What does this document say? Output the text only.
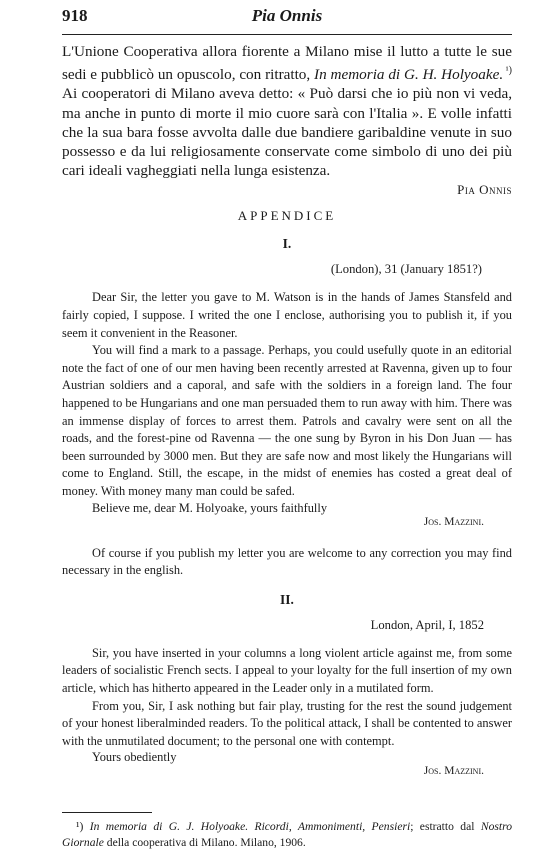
918	Pia Onnis

L'Unione Cooperativa allora fiorente a Milano mise il lutto a tutte le sue sedi e pubblicò un opuscolo, con ritratto, In memoria di G. H. Holyoake. $^{^1)}$ Ai cooperatori di Milano aveva detto: « Può darsi che io più non vi veda, ma anche in punto di morte il mio cuore sarà con l'Italia ». E volle infatti che la sua bara fosse avvolta dalle due bandiere garibaldine venute in suo possesso e da lui religiosamente conservate come simbolo di uno dei più cari ideali vagheggiati nella lunga esistenza.

Pia Onnis

APPENDICE

I.

(London), 31 (January 1851?)

Dear Sir, the letter you gave to M. Watson is in the hands of James Stansfeld and fairly copied, I suppose. I writed the one I enclose, authorising you to publish it, if you seem it convenient in the Reasoner.

You will find a mark to a passage. Perhaps, you could usefully quote in an editorial note the fact of one of our men having been recently arrested at Ravenna, given up to four Austrian soldiers and a caporal, and safe with the soldiers in a foreign land. The four happened to be Hungarians and one man persuaded them to run away with him. There was an immense display of forces to arrest them. Patrols and cavalry were sent on all the roads, and the forest-pine od Ravenna — the one sung by Byron in his Don Juan — has been surrounded by 3000 men. But they are safe now and most likely the Hungarians will come to England. Still, the escape, in the midst of enemies has costed a great deal of money. With money many man could be safed.

Believe me, dear M. Holyoake, yours faithfully
Jos. Mazzini.

Of course if you publish my letter you are welcome to any correction you may find necessary in the english.

II.

London, April, I, 1852

Sir, you have inserted in your columns a long violent article against me, from some leaders of socialistic French sects. I appeal to your loyalty for the full insertion of my own article, which has hitherto appeared in the Leader only in a mutilated form.

From you, Sir, I ask nothing but fair play, trusting for the rest the sound judgement of your honest liberalminded readers. To the political attack, I shall be contented to answer with the unmutilated document; to the personal one with contempt.

Yours obediently
Jos. Mazzini.

¹) In memoria di G. J. Holyoake. Ricordi, Ammonimenti, Pensieri; estratto dal Nostro Giornale della cooperativa di Milano. Milano, 1906.
